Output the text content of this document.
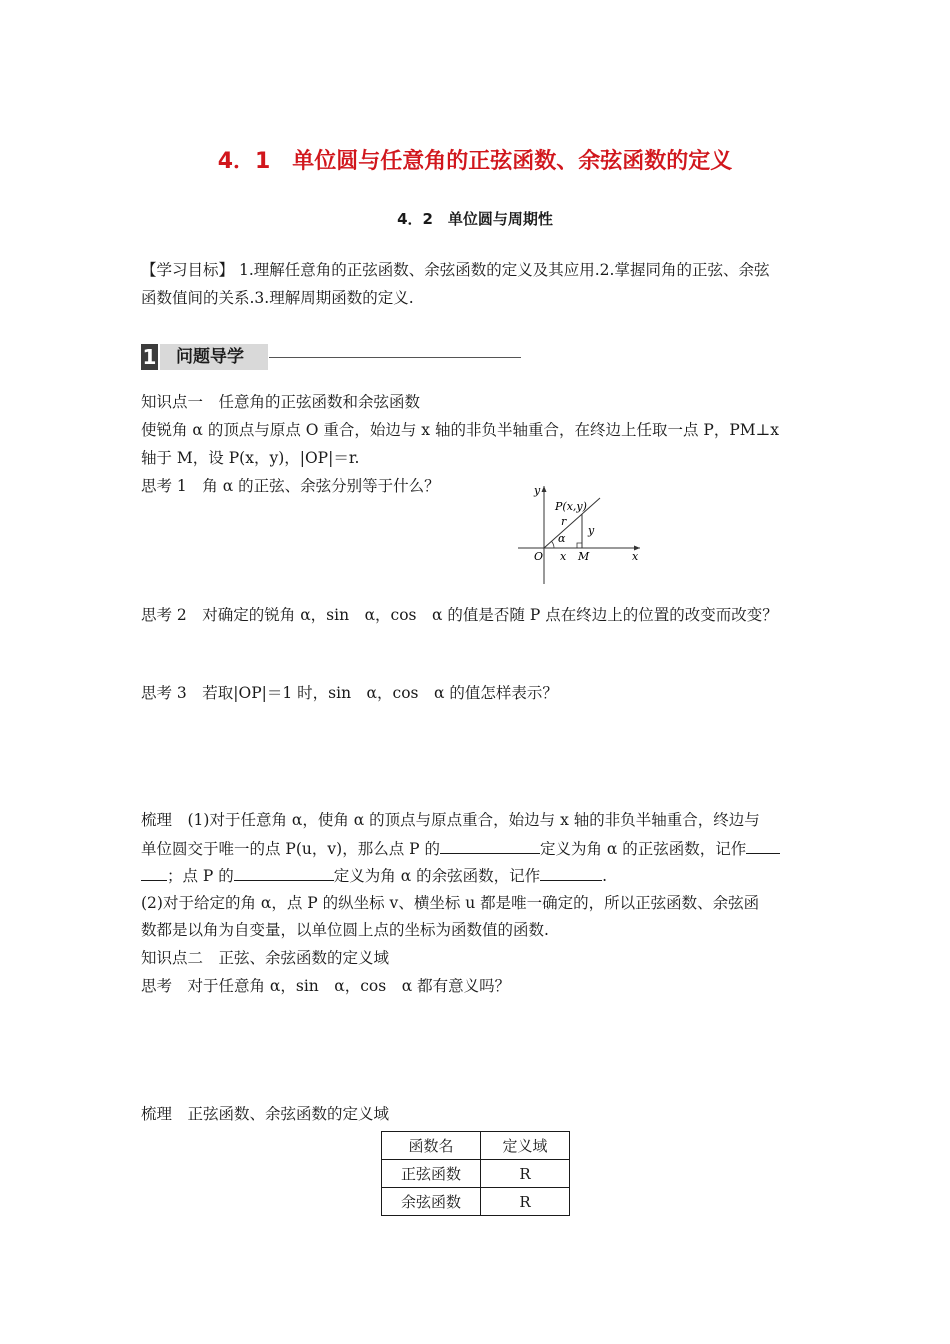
4．1　单位圆与任意角的正弦函数、余弦函数的定义
4．2　单位圆与周期性
【学习目标】 1.理解任意角的正弦函数、余弦函数的定义及其应用.2.掌握同角的正弦、余弦
函数值间的关系.3.理解周期函数的定义.
1	问题导学
知识点一　任意角的正弦函数和余弦函数
使锐角 α 的顶点与原点 O 重合，始边与 x 轴的非负半轴重合，在终边上任取一点 P，PM⊥x
轴于 M，设 P(x，y)，|OP|＝r.
思考 1　角 α 的正弦、余弦分别等于什么？	y
x
O
P(x,y)
r
α
y
x M
思考 2　对确定的锐角 α，sin　α，cos　α 的值是否随 P 点在终边上的位置的改变而改变？
思考 3　若取|OP|＝1 时，sin　α，cos　α 的值怎样表示？
梳理　(1)对于任意角 α，使角 α 的顶点与原点重合，始边与 x 轴的非负半轴重合，终边与
单位圆交于唯一的点 P(u，v)，那么点 P 的	定义为角 α 的正弦函数，记作
；点 P 的	定义为角 α 的余弦函数，记作	.
(2)对于给定的角 α，点 P 的纵坐标 v、横坐标 u 都是唯一确定的，所以正弦函数、余弦函
数都是以角为自变量，以单位圆上点的坐标为函数值的函数.
知识点二　正弦、余弦函数的定义域
思考　对于任意角 α，sin　α，cos　α 都有意义吗？
梳理　正弦函数、余弦函数的定义域
函数名	定义域
正弦函数	R
余弦函数	R
